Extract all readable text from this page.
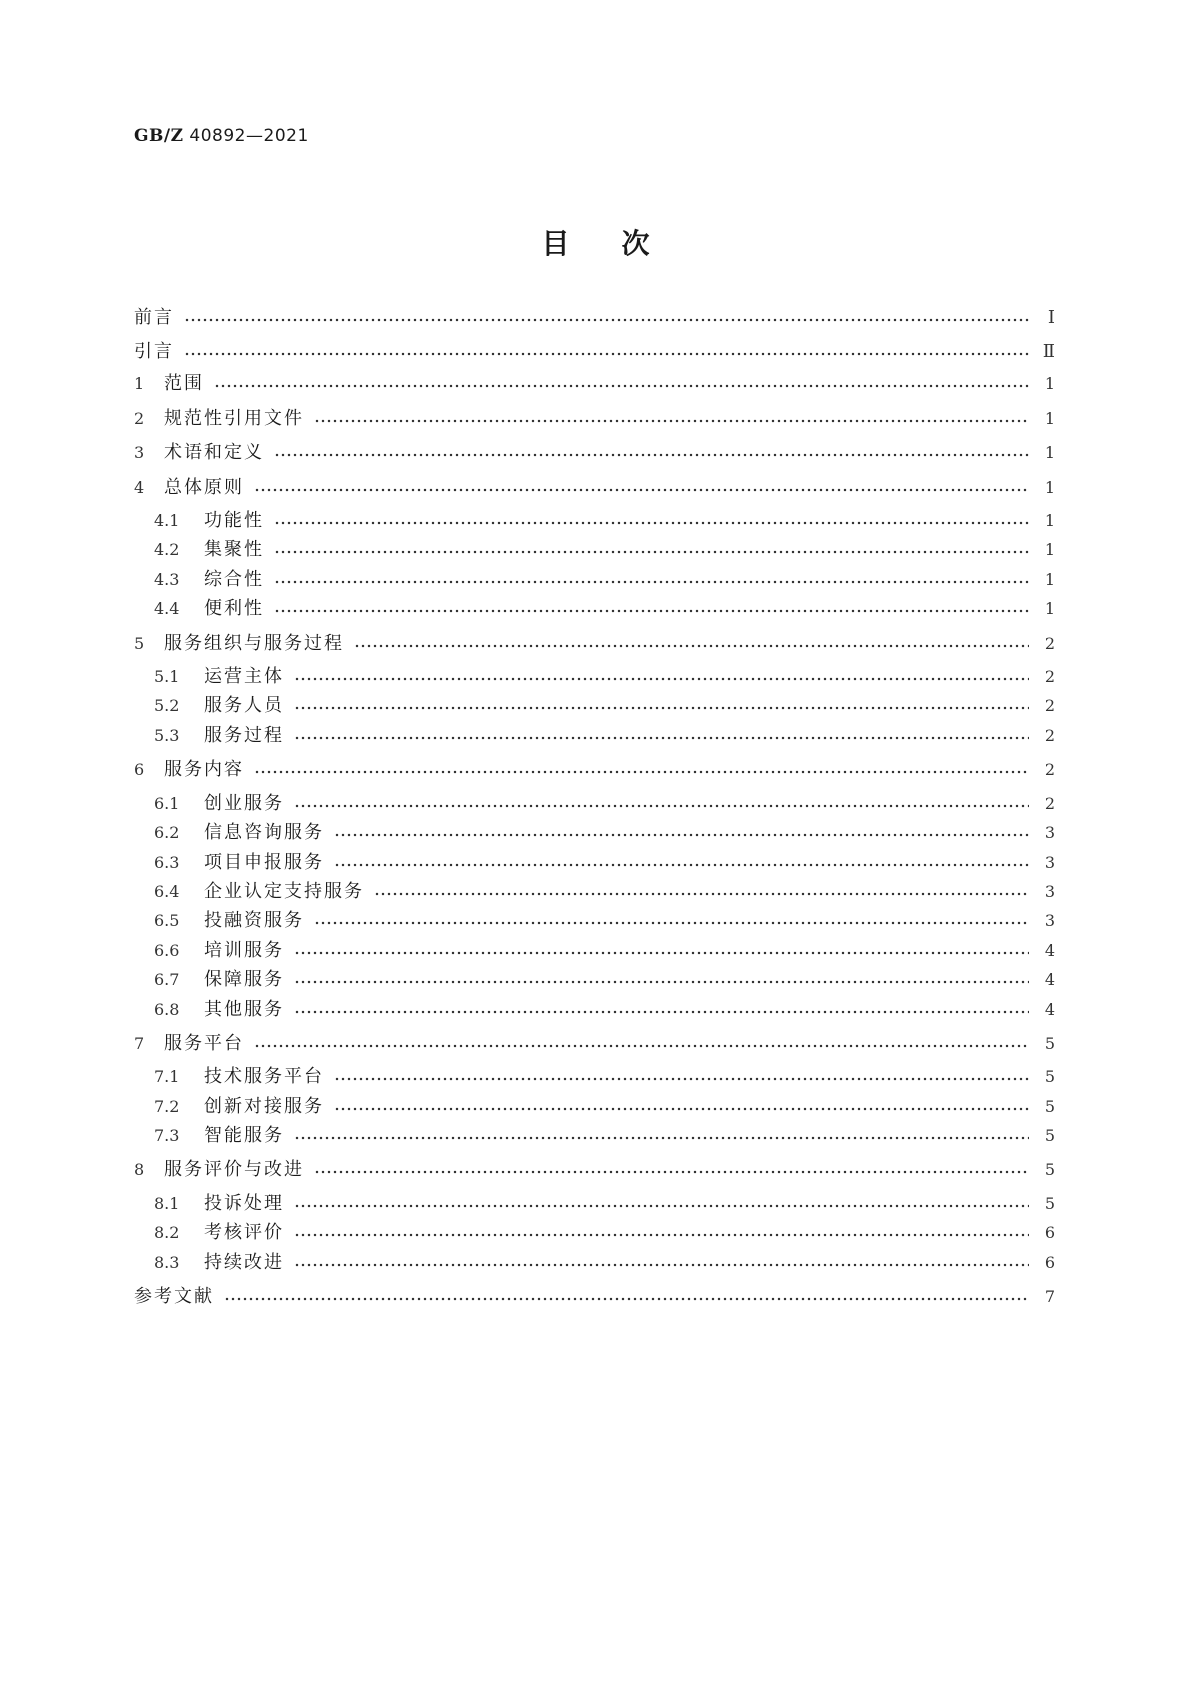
GB/Z 40892—2021
目 次
前言	Ⅰ
引言	Ⅱ
1	范围	1
2	规范性引用文件	1
3	术语和定义	1
4	总体原则	1
4.1	功能性	1
4.2	集聚性	1
4.3	综合性	1
4.4	便利性	1
5	服务组织与服务过程	2
5.1	运营主体	2
5.2	服务人员	2
5.3	服务过程	2
6	服务内容	2
6.1	创业服务	2
6.2	信息咨询服务	3
6.3	项目申报服务	3
6.4	企业认定支持服务	3
6.5	投融资服务	3
6.6	培训服务	4
6.7	保障服务	4
6.8	其他服务	4
7	服务平台	5
7.1	技术服务平台	5
7.2	创新对接服务	5
7.3	智能服务	5
8	服务评价与改进	5
8.1	投诉处理	5
8.2	考核评价	6
8.3	持续改进	6
参考文献	7
